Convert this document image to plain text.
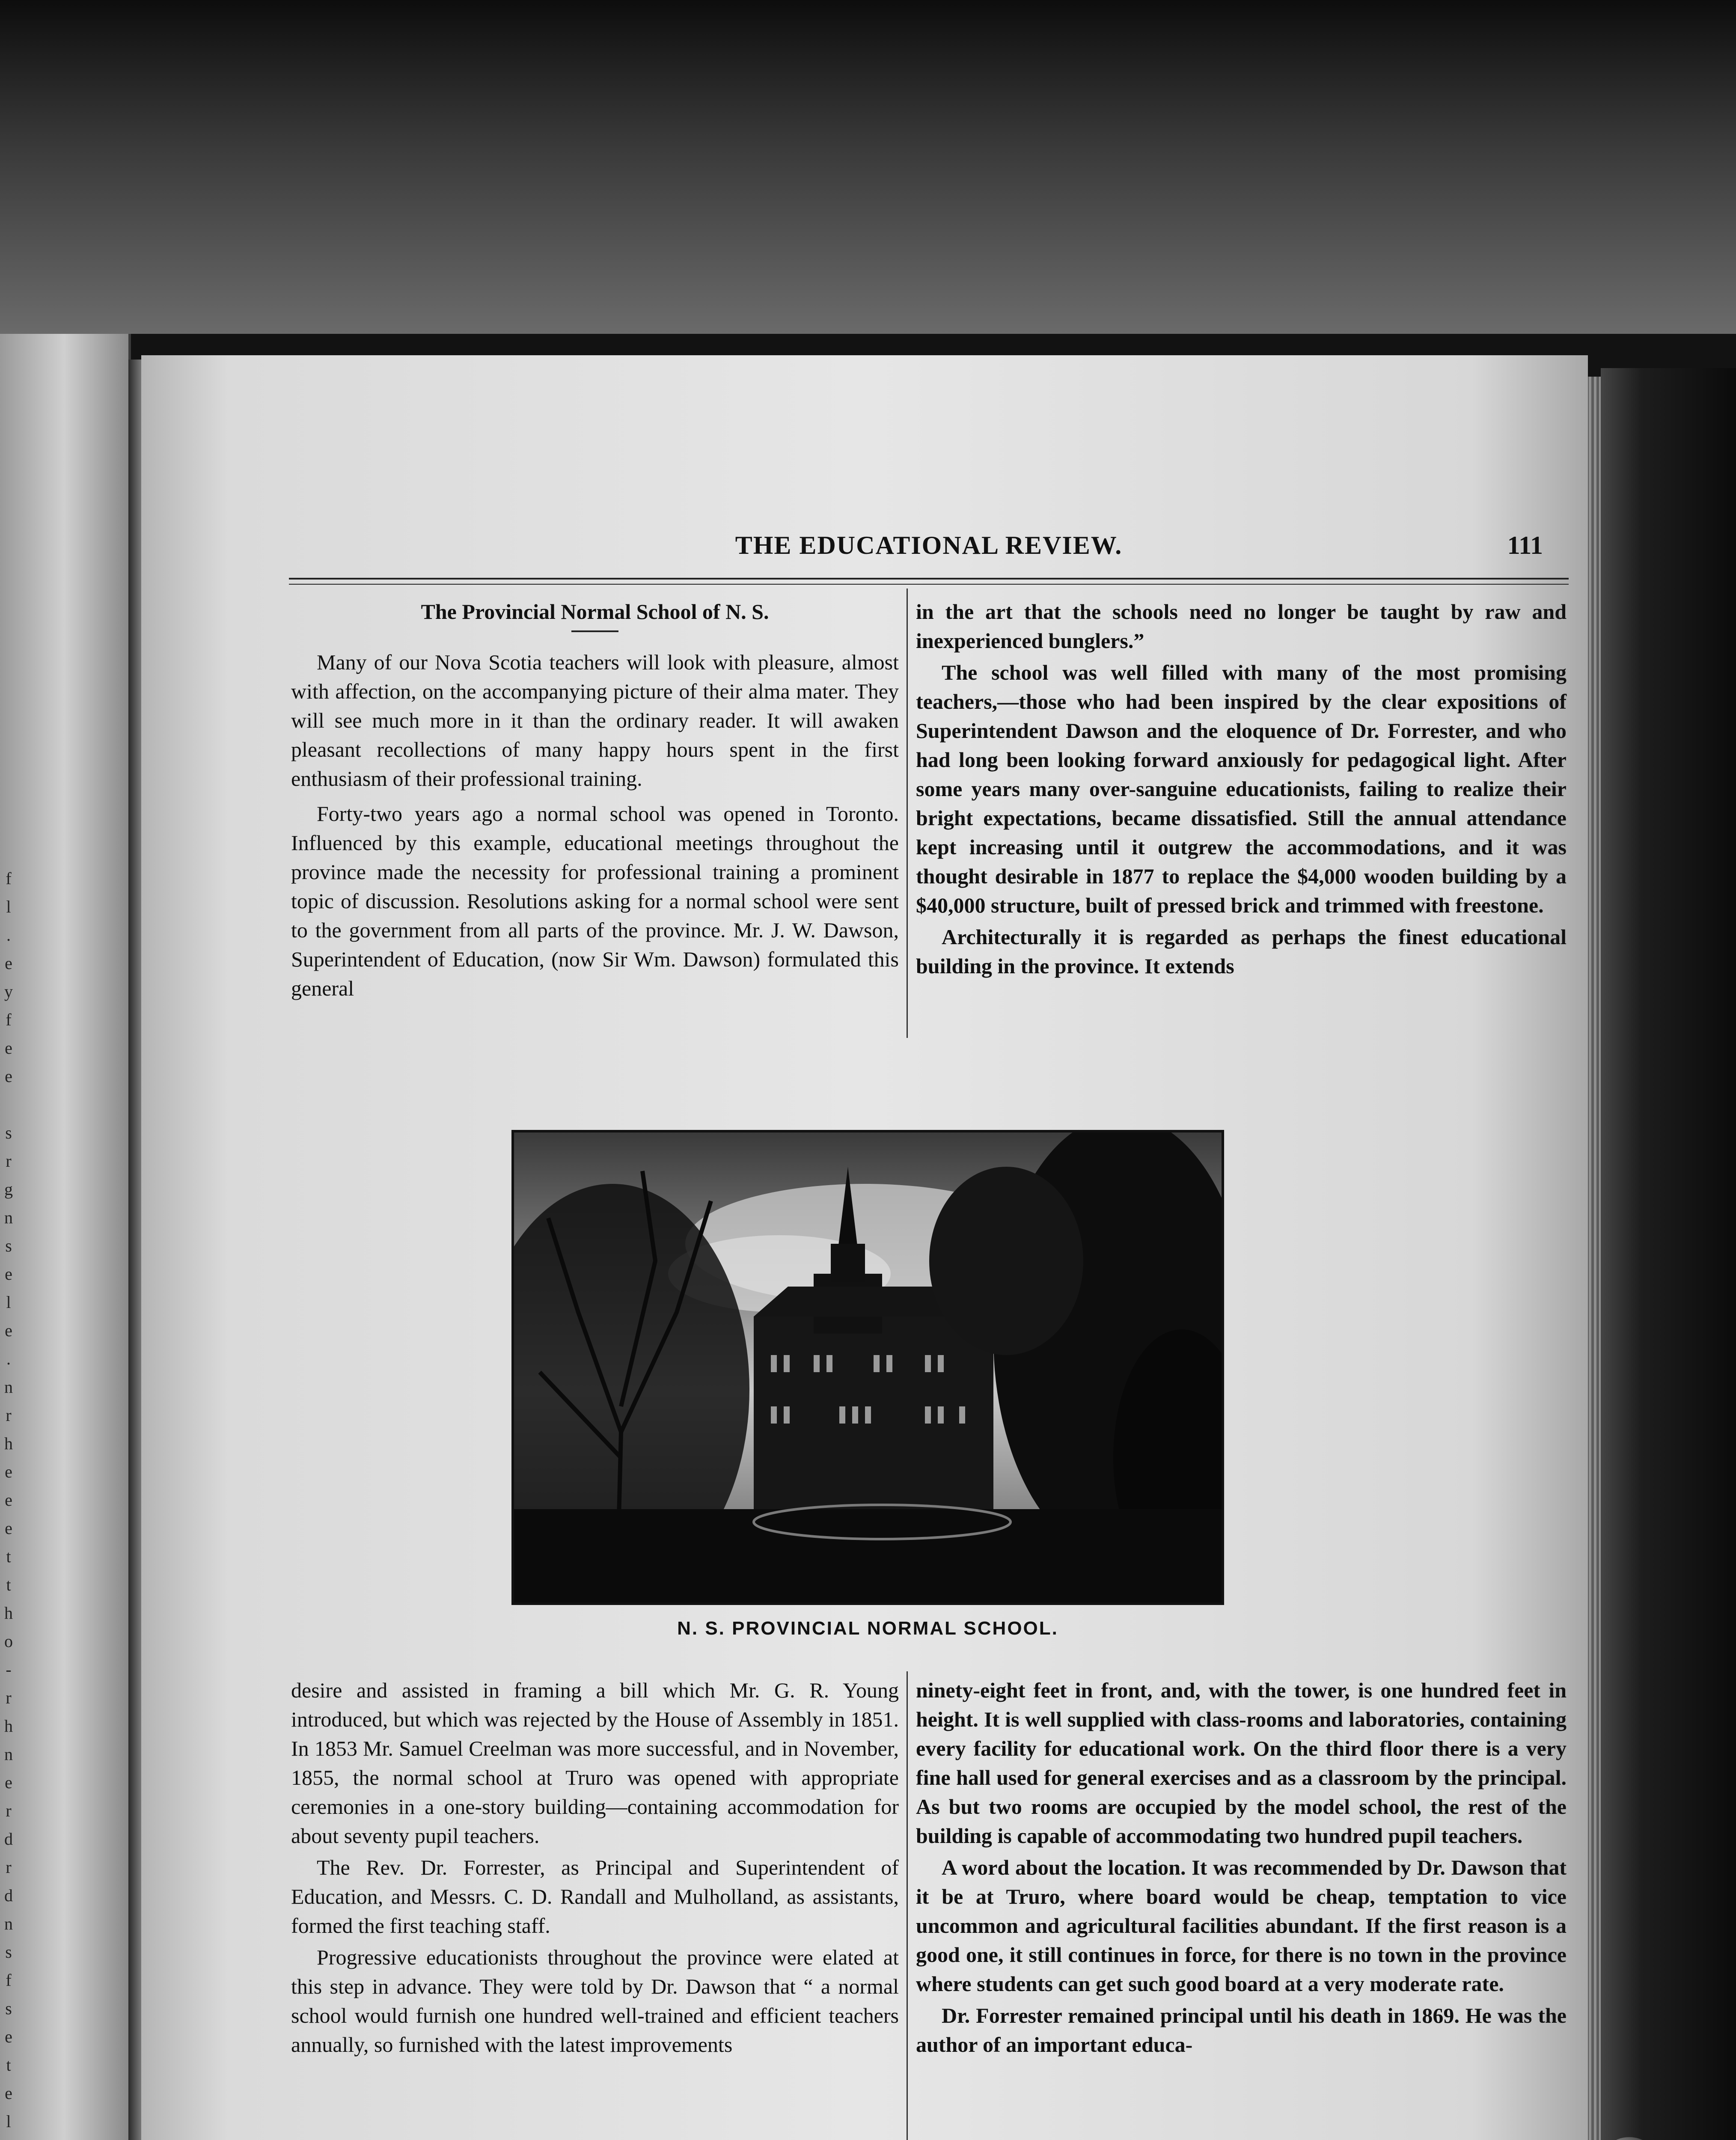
f
l
.
e
y
f
e
e

s
r
g
n
s
e
l
e
.
n
r
h
e
e
e
t
t
h
o
-
r
h
n
e
r
d
r
d
n
s
f
s
e
t
e
l

THE EDUCATIONAL REVIEW.	111
The Provincial Normal School of N. S.

Many of our Nova Scotia teachers will look with pleasure, almost with affection, on the accompanying picture of their alma mater. They will see much more in it than the ordinary reader. It will awaken pleasant recollections of many happy hours spent in the first enthusiasm of their professional training.

Forty-two years ago a normal school was opened in Toronto. Influenced by this example, educational meetings throughout the province made the necessity for professional training a prominent topic of discussion. Resolutions asking for a normal school were sent to the government from all parts of the province. Mr. J. W. Dawson, Superintendent of Education, (now Sir Wm. Dawson) formulated this general

in the art that the schools need no longer be taught by raw and inexperienced bunglers.”

The school was well filled with many of the most promising teachers,—those who had been inspired by the clear expositions of Superintendent Dawson and the eloquence of Dr. Forrester, and who had long been looking forward anxiously for pedagogical light. After some years many over-sanguine educationists, failing to realize their bright expectations, became dissatisfied. Still the annual attendance kept increasing until it outgrew the accommodations, and it was thought desirable in 1877 to replace the $4,000 wooden building by a $40,000 structure, built of pressed brick and trimmed with freestone.

Architecturally it is regarded as perhaps the finest educational building in the province. It extends

N. S. PROVINCIAL NORMAL SCHOOL.

desire and assisted in framing a bill which Mr. G. R. Young introduced, but which was rejected by the House of Assembly in 1851. In 1853 Mr. Samuel Creelman was more successful, and in November, 1855, the normal school at Truro was opened with appropriate ceremonies in a one-story building—containing accommodation for about seventy pupil teachers.

The Rev. Dr. Forrester, as Principal and Superintendent of Education, and Messrs. C. D. Randall and Mulholland, as assistants, formed the first teaching staff.

Progressive educationists throughout the province were elated at this step in advance. They were told by Dr. Dawson that “ a normal school would furnish one hundred well-trained and efficient teachers annually, so furnished with the latest improvements

ninety-eight feet in front, and, with the tower, is one hundred feet in height. It is well supplied with class-rooms and laboratories, containing every facility for educational work. On the third floor there is a very fine hall used for general exercises and as a classroom by the principal. As but two rooms are occupied by the model school, the rest of the building is capable of accommodating two hundred pupil teachers.

A word about the location. It was recommended by Dr. Dawson that it be at Truro, where board would be cheap, temptation to vice uncommon and agricultural facilities abundant. If the first reason is a good one, it still continues in force, for there is no town in the province where students can get such good board at a very moderate rate.

Dr. Forrester remained principal until his death in 1869. He was the author of an important educa-
